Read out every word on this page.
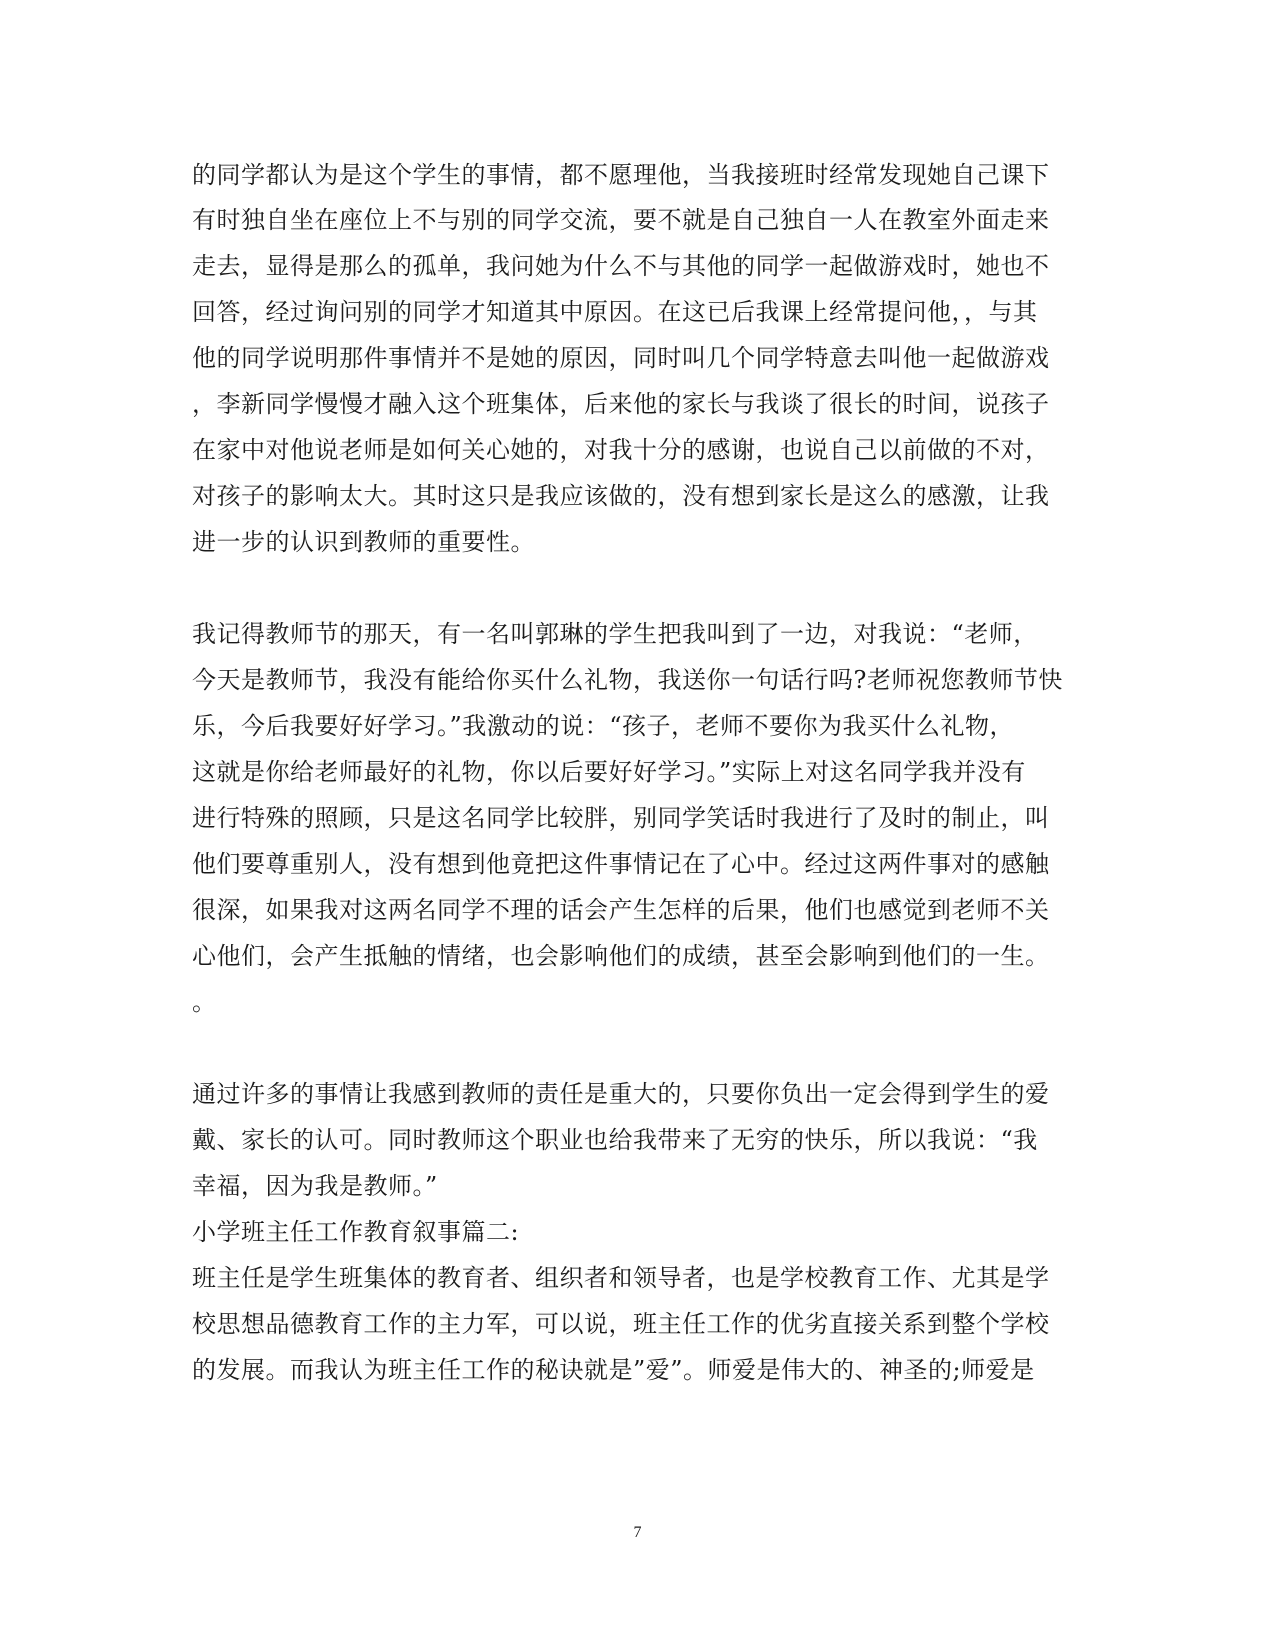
的同学都认为是这个学生的事情，都不愿理他，当我接班时经常发现她自己课下
有时独自坐在座位上不与别的同学交流，要不就是自己独自一人在教室外面走来
走去，显得是那么的孤单，我问她为什么不与其他的同学一起做游戏时，她也不
回答，经过询问别的同学才知道其中原因。在这已后我课上经常提问他，，与其
他的同学说明那件事情并不是她的原因，同时叫几个同学特意去叫他一起做游戏
，李新同学慢慢才融入这个班集体，后来他的家长与我谈了很长的时间，说孩子
在家中对他说老师是如何关心她的，对我十分的感谢，也说自己以前做的不对，
对孩子的影响太大。其时这只是我应该做的，没有想到家长是这么的感激，让我
进一步的认识到教师的重要性。
我记得教师节的那天，有一名叫郭琳的学生把我叫到了一边，对我说：“老师，
今天是教师节，我没有能给你买什么礼物，我送你一句话行吗?老师祝您教师节快
乐，今后我要好好学习。”我激动的说：“孩子，老师不要你为我买什么礼物，
这就是你给老师最好的礼物，你以后要好好学习。”实际上对这名同学我并没有
进行特殊的照顾，只是这名同学比较胖，别同学笑话时我进行了及时的制止，叫
他们要尊重别人，没有想到他竟把这件事情记在了心中。经过这两件事对的感触
很深，如果我对这两名同学不理的话会产生怎样的后果，他们也感觉到老师不关
心他们，会产生抵触的情绪，也会影响他们的成绩，甚至会影响到他们的一生。
。
通过许多的事情让我感到教师的责任是重大的，只要你负出一定会得到学生的爱
戴、家长的认可。同时教师这个职业也给我带来了无穷的快乐，所以我说：“我
幸福，因为我是教师。”
小学班主任工作教育叙事篇二:
班主任是学生班集体的教育者、组织者和领导者，也是学校教育工作、尤其是学
校思想品德教育工作的主力军，可以说，班主任工作的优劣直接关系到整个学校
的发展。而我认为班主任工作的秘诀就是”爱”。师爱是伟大的、神圣的;师爱是
7
